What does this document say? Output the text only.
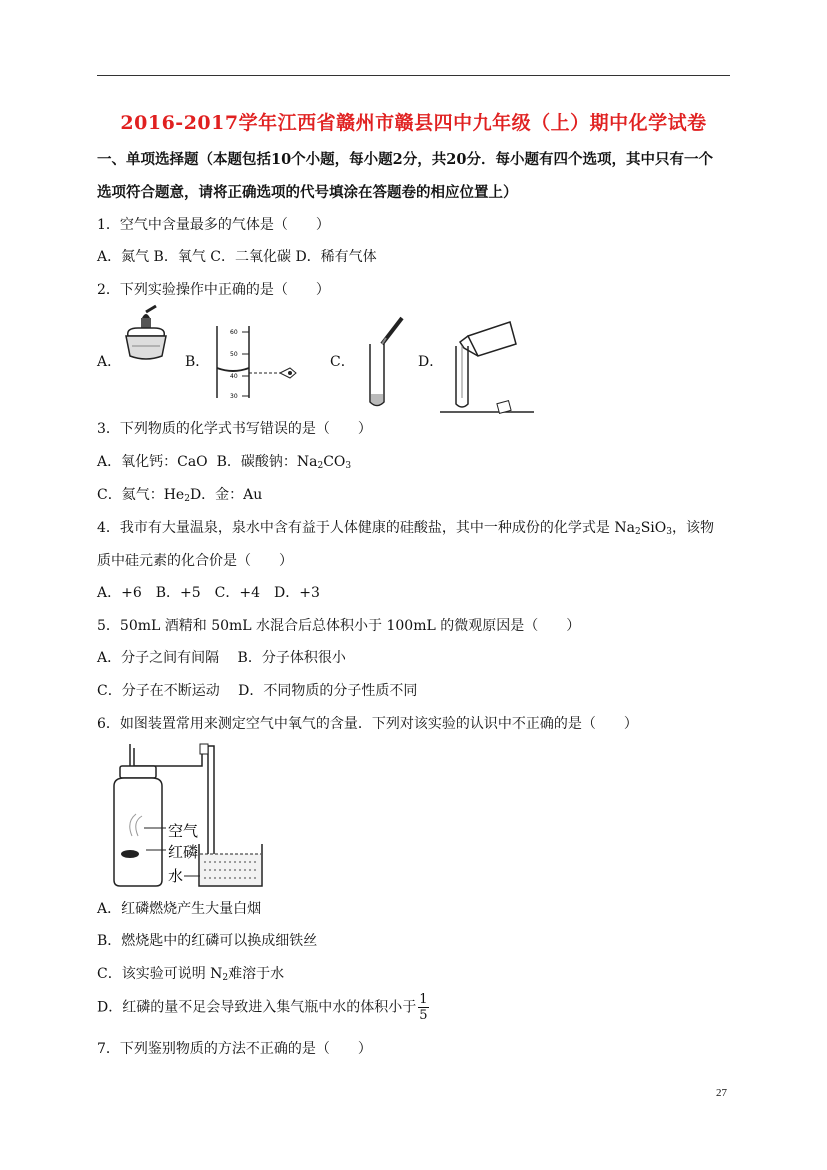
2016-2017学年江西省赣州市赣县四中九年级（上）期中化学试卷
一、单项选择题（本题包括10个小题，每小题2分，共20分．每小题有四个选项，其中只有一个
选项符合题意，请将正确选项的代号填涂在答题卷的相应位置上）
1．空气中含量最多的气体是（　　）
A．氮气 B．氧气 C．二氧化碳 D．稀有气体
2．下列实验操作中正确的是（　　）
A．	B．
60
50
40
30
C．	D．
3．下列物质的化学式书写错误的是（　　）
A．氧化钙：CaO B．碳酸钠：$Na_2CO_3$
C．氦气：$He_2D$．金：Au
4．我市有大量温泉，泉水中含有益于人体健康的硅酸盐，其中一种成份的化学式是 $Na_2SiO_3$，该物
质中硅元素的化合价是（　　）
A．+6　B．+5　C．+4　D．+3
5．50mL 酒精和 50mL 水混合后总体积小于 100mL 的微观原因是（　　）
A．分子之间有间隔　 B．分子体积很小
C．分子在不断运动　 D．不同物质的分子性质不同
6．如图装置常用来测定空气中氧气的含量．下列对该实验的认识中不正确的是（　　）
空气
红磷
水
A．红磷燃烧产生大量白烟
B．燃烧匙中的红磷可以换成细铁丝
C．该实验可说明 $N_2$难溶于水
D．红磷的量不足会导致进入集气瓶中水的体积小于 $\frac{1}{5}$
7．下列鉴别物质的方法不正确的是（　　）
27
